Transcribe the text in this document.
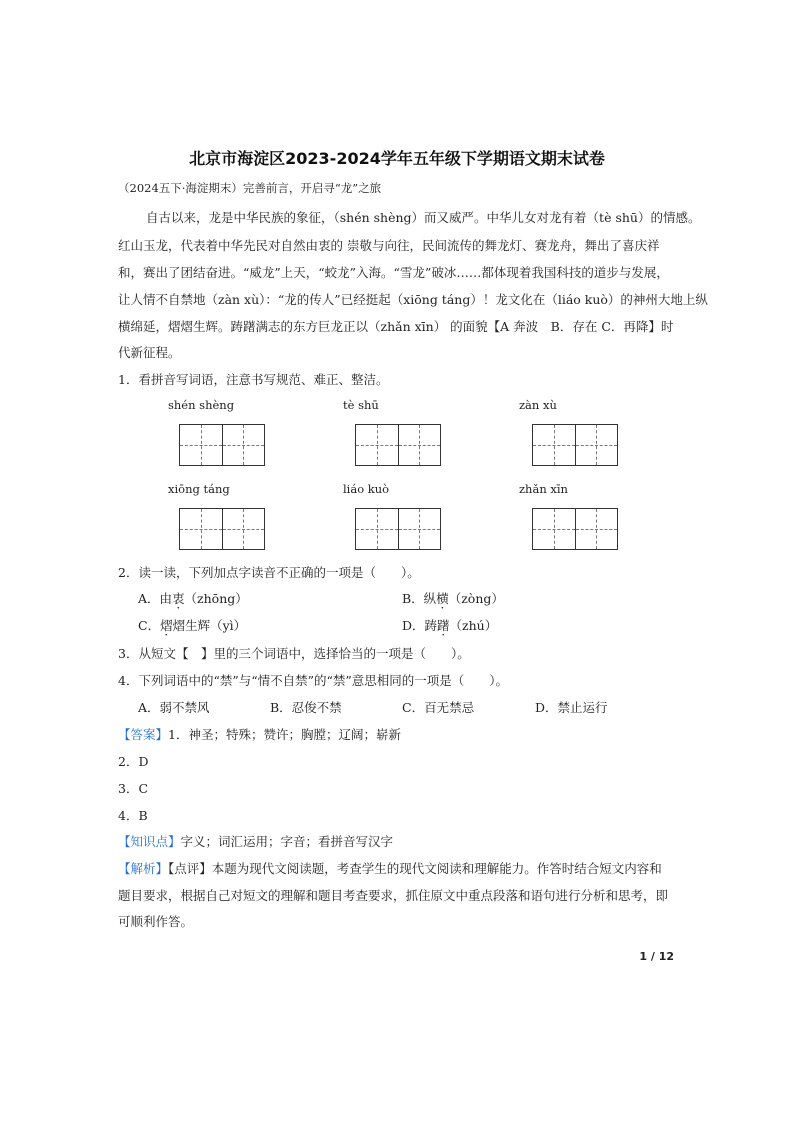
北京市海淀区2023-2024学年五年级下学期语文期末试卷
（2024五下·海淀期末）完善前言，开启寻“龙”之旅
自古以来，龙是中华民族的象征，（shén shèng）而又威严。中华儿女对龙有着（tè shū）的情感。
红山玉龙，代表着中华先民对自然由衷的 崇敬与向往，民间流传的舞龙灯、赛龙舟，舞出了喜庆祥
和，赛出了团结奋进。“威龙”上天，“蛟龙”入海。“雪龙”破冰……都体现着我国科技的道步与发展，
让人情不自禁地（zàn xù）：“龙的传人”已经挺起（xiōng táng）！龙文化在（liáo kuò）的神州大地上纵
横绵延，熠熠生辉。踌躇满志的东方巨龙正以（zhǎn xīn） 的面貌【A 奔波　B．存在 C．再降】时
代新征程。
1．看拼音写词语，注意书写规范、难正、整洁。
shén shèng	tè shū	zàn xù
xiōng táng	liáo kuò	zhǎn xīn
2．读一读，下列加点字读音不正确的一项是（　　）。
A．由衷（zhōng）	B．纵横（zòng）
C．熠熠生辉（yì）	D．踌躇（zhú）
3．从短文【　】里的三个词语中，选择恰当的一项是（　　）。
4．下列词语中的“禁”与“情不自禁”的“禁”意思相同的一项是（　　）。
A．弱不禁风	B．忍俊不禁	C．百无禁忌	D．禁止运行
【答案】1．神圣；特殊；赞许；胸膛；辽阔；崭新
2．D
3．C
4．B
【知识点】字义；词汇运用；字音；看拼音写汉字
【解析】【点评】本题为现代文阅读题，考查学生的现代文阅读和理解能力。作答时结合短文内容和
题目要求，根据自己对短文的理解和题目考查要求，抓住原文中重点段落和语句进行分析和思考，即
可顺利作答。
1 / 12
